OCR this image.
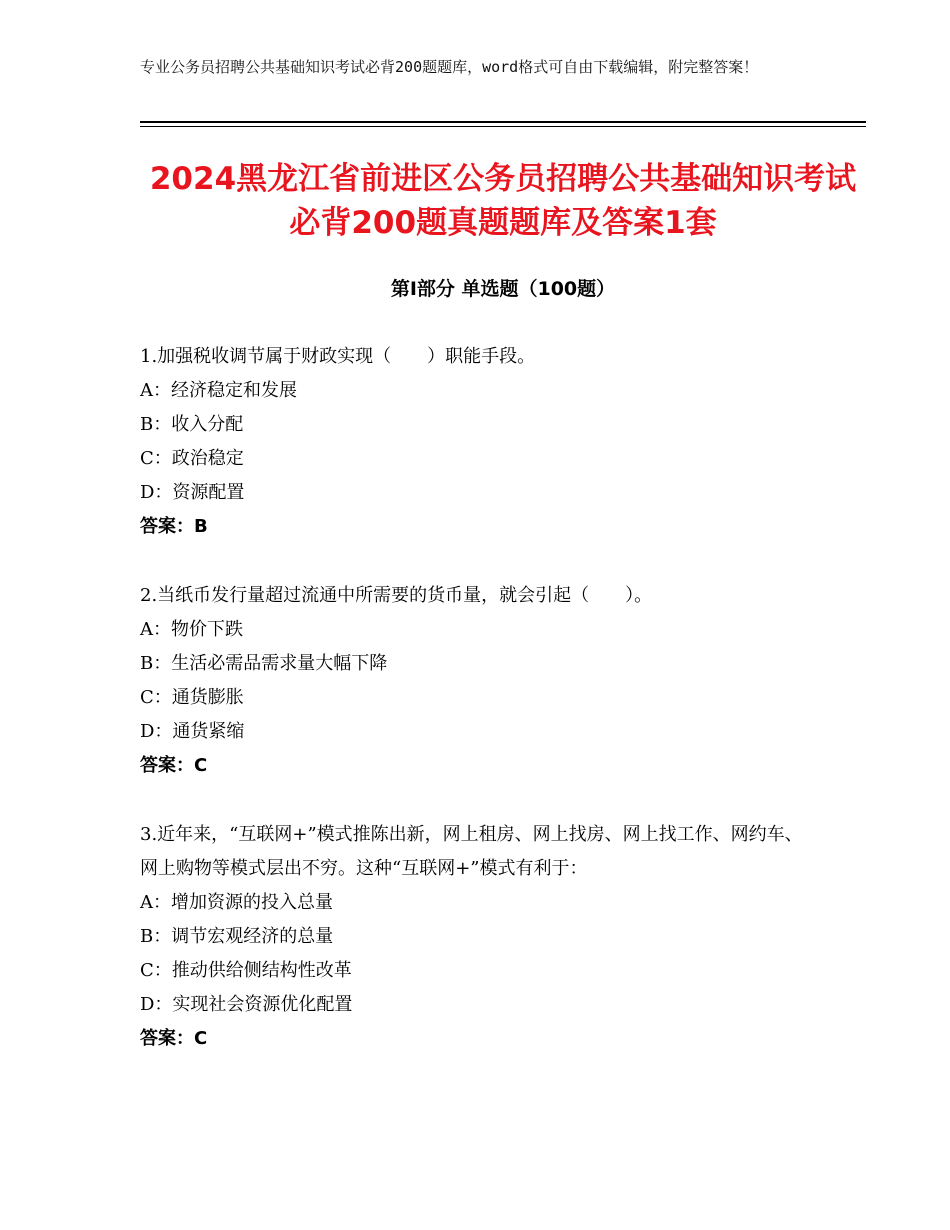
专业公务员招聘公共基础知识考试必背200题题库，word格式可自由下载编辑，附完整答案！
2024黑龙江省前进区公务员招聘公共基础知识考试必背200题真题题库及答案1套
第Ⅰ部分 单选题（100题）
1.加强税收调节属于财政实现（　　）职能手段。
A：经济稳定和发展
B：收入分配
C：政治稳定
D：资源配置
答案：B
2.当纸币发行量超过流通中所需要的货币量，就会引起（　　）。
A：物价下跌
B：生活必需品需求量大幅下降
C：通货膨胀
D：通货紧缩
答案：C
3.近年来，“互联网+”模式推陈出新，网上租房、网上找房、网上找工作、网约车、网上购物等模式层出不穷。这种“互联网+”模式有利于：
A：增加资源的投入总量
B：调节宏观经济的总量
C：推动供给侧结构性改革
D：实现社会资源优化配置
答案：C
